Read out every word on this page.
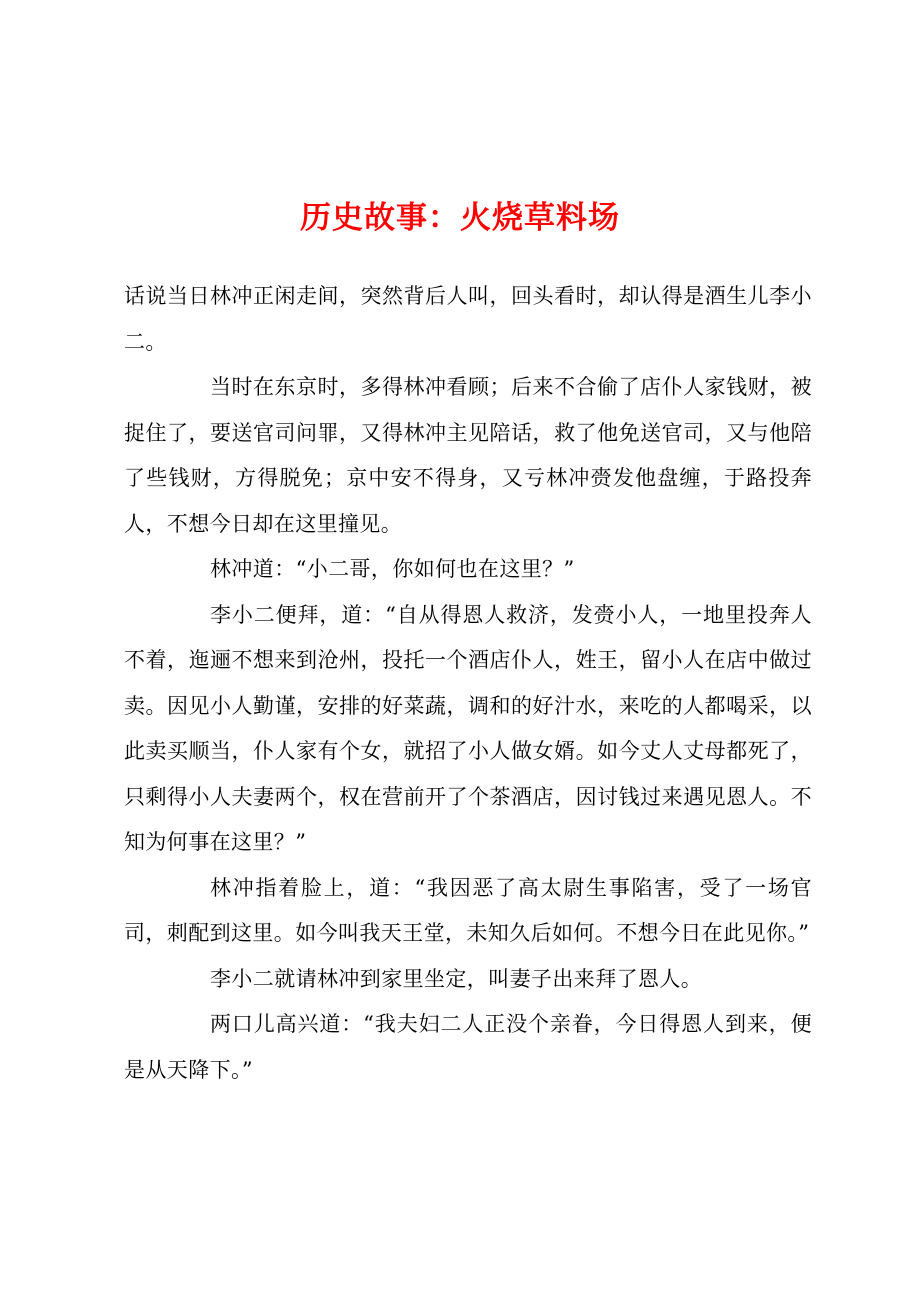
历史故事：火烧草料场

话说当日林冲正闲走间，突然背后人叫，回头看时，却认得是酒生儿李小二。

当时在东京时，多得林冲看顾；后来不合偷了店仆人家钱财，被捉住了，要送官司问罪，又得林冲主见陪话，救了他免送官司，又与他陪了些钱财，方得脱免；京中安不得身，又亏林冲赍发他盘缠，于路投奔人，不想今日却在这里撞见。

林冲道：“小二哥，你如何也在这里？”

李小二便拜，道：“自从得恩人救济，发赍小人，一地里投奔人不着，迤逦不想来到沧州，投托一个酒店仆人，姓王，留小人在店中做过卖。因见小人勤谨，安排的好菜蔬，调和的好汁水，来吃的人都喝采，以此卖买顺当，仆人家有个女，就招了小人做女婿。如今丈人丈母都死了，只剩得小人夫妻两个，权在营前开了个茶酒店，因讨钱过来遇见恩人。不知为何事在这里？”

林冲指着脸上，道：“我因恶了高太尉生事陷害，受了一场官司，刺配到这里。如今叫我天王堂，未知久后如何。不想今日在此见你。”

李小二就请林冲到家里坐定，叫妻子出来拜了恩人。

两口儿高兴道：“我夫妇二人正没个亲眷，今日得恩人到来，便是从天降下。”
